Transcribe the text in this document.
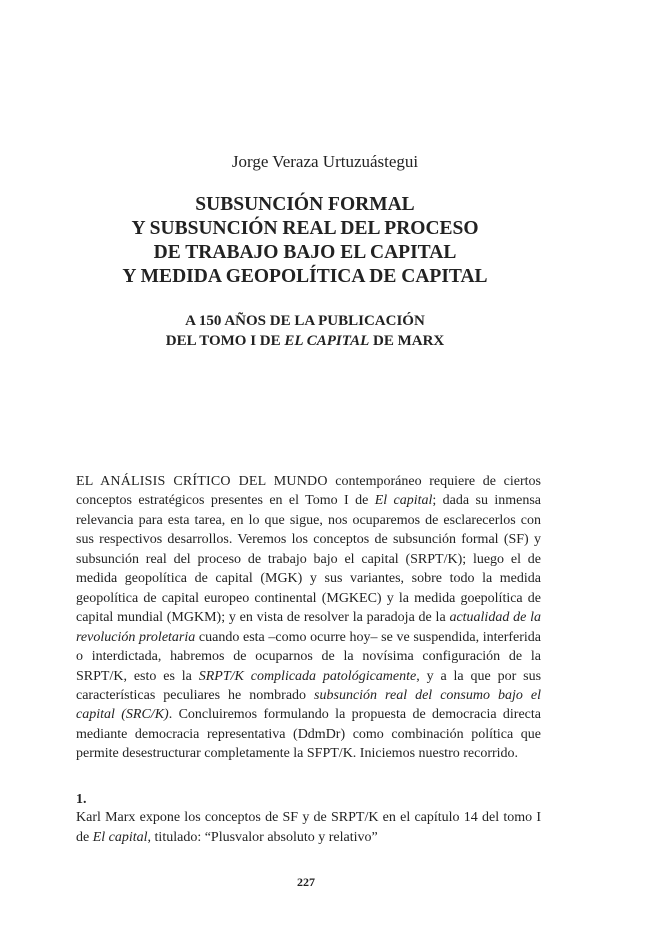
Jorge Veraza Urtuzuástegui
SUBSUNCIÓN FORMAL
Y SUBSUNCIÓN REAL DEL PROCESO
DE TRABAJO BAJO EL CAPITAL
Y MEDIDA GEOPOLÍTICA DE CAPITAL
A 150 AÑOS DE LA PUBLICACIÓN
DEL TOMO I DE EL CAPITAL DE MARX

EL ANÁLISIS CRÍTICO DEL MUNDO contemporáneo requiere de ciertos conceptos estratégicos presentes en el Tomo I de El capital; dada su inmensa relevancia para esta tarea, en lo que sigue, nos ocuparemos de esclarecerlos con sus respectivos desarrollos. Veremos los conceptos de subsunción formal (SF) y subsunción real del proceso de trabajo bajo el capital (SRPT/K); luego el de medida geopolítica de capital (MGK) y sus variantes, sobre todo la medida geopolítica de capital europeo continental (MGKEC) y la medida goepolítica de capital mundial (MGKM); y en vista de resolver la paradoja de la actualidad de la revolución proletaria cuando esta –como ocurre hoy– se ve suspendida, interferida o interdictada, habremos de ocuparnos de la novísima configuración de la SRPT/K, esto es la SRPT/K complicada patológicamente, y a la que por sus características peculiares he nombrado subsunción real del consumo bajo el capital (SRC/K). Concluiremos formulando la propuesta de democracia directa mediante democracia representativa (DdmDr) como combinación política que permite desestructurar completamente la SFPT/K. Iniciemos nuestro recorrido.

1.
Karl Marx expone los conceptos de SF y de SRPT/K en el capítulo 14 del tomo I de El capital, titulado: “Plusvalor absoluto y relativo”
227
